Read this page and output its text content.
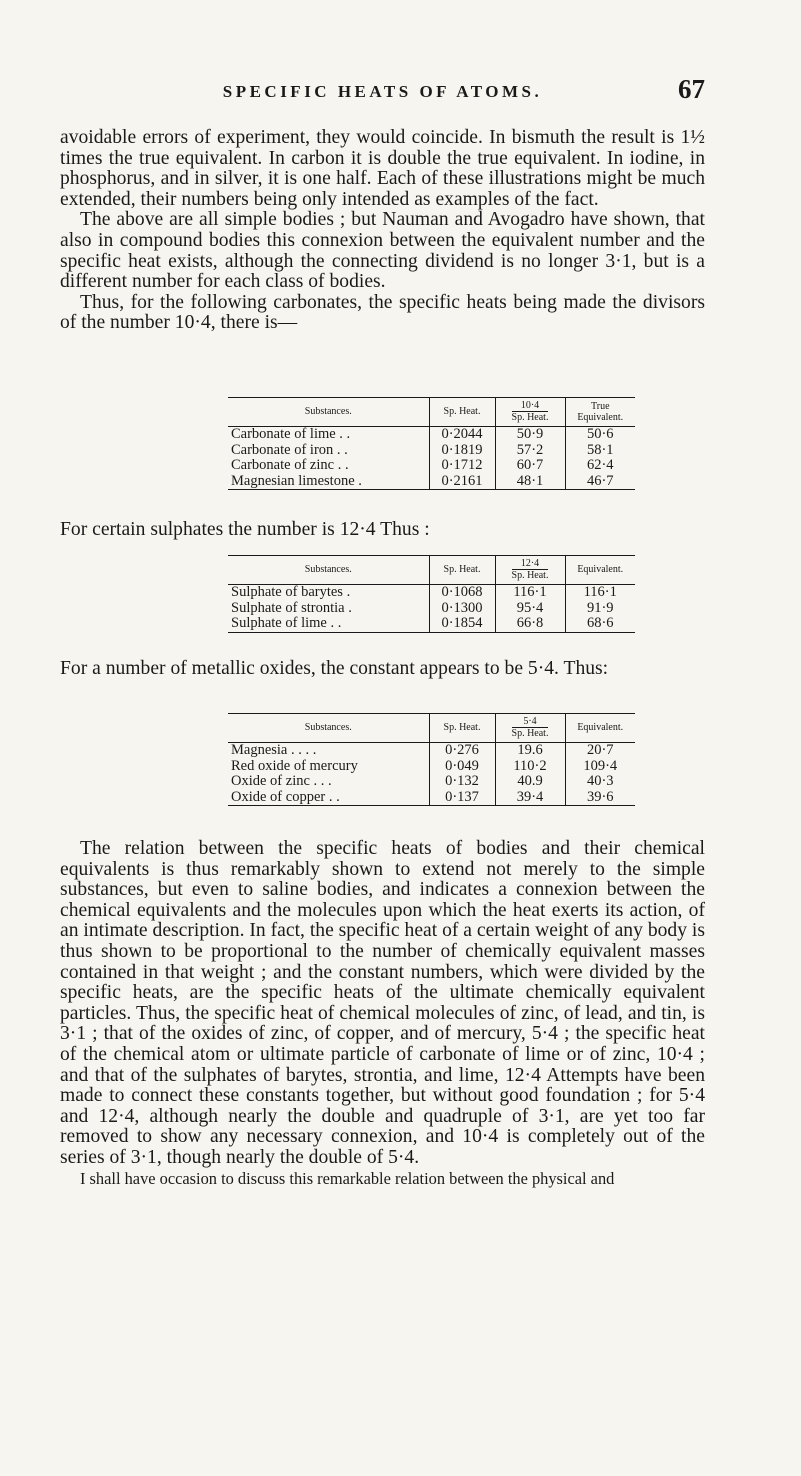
SPECIFIC HEATS OF ATOMS.	67

avoidable errors of experiment, they would coincide. In bismuth the result is 1½ times the true equivalent. In carbon it is double the true equivalent. In iodine, in phosphorus, and in silver, it is one half. Each of these illustrations might be much extended, their numbers being only intended as examples of the fact.

The above are all simple bodies ; but Nauman and Avogadro have shown, that also in compound bodies this connexion between the equivalent number and the specific heat exists, although the connecting dividend is no longer 3·1, but is a different number for each class of bodies.

Thus, for the following carbonates, the specific heats being made the divisors of the number 10·4, there is—

Substances.	Sp. Heat.	$\frac{10\cdot 4}{\text{Sp. Heat.}}$	True Equivalent.
Carbonate of lime . .	0·2044	50·9	50·6
Carbonate of iron . .	0·1819	57·2	58·1
Carbonate of zinc . .	0·1712	60·7	62·4
Magnesian limestone .	0·2161	48·1	46·7
For certain sulphates the number is 12·4 Thus :
Substances.	Sp. Heat.	$\frac{12\cdot 4}{\text{Sp. Heat.}}$	Equivalent.
Sulphate of barytes .	0·1068	116·1	116·1
Sulphate of strontia .	0·1300	95·4	91·9
Sulphate of lime . .	0·1854	66·8	68·6
For a number of metallic oxides, the constant appears to be 5·4. Thus:
Substances.	Sp. Heat.	$\frac{5\cdot 4}{\text{Sp. Heat.}}$	Equivalent.
Magnesia . . . .	0·276	19.6	20·7
Red oxide of mercury	0·049	110·2	109·4
Oxide of zinc . . .	0·132	40.9	40·3
Oxide of copper . .	0·137	39·4	39·6

The relation between the specific heats of bodies and their chemical equivalents is thus remarkably shown to extend not merely to the simple substances, but even to saline bodies, and indicates a connexion between the chemical equivalents and the molecules upon which the heat exerts its action, of an intimate description. In fact, the specific heat of a certain weight of any body is thus shown to be proportional to the number of chemically equivalent masses contained in that weight ; and the constant numbers, which were divided by the specific heats, are the specific heats of the ultimate chemically equivalent particles. Thus, the specific heat of chemical molecules of zinc, of lead, and tin, is 3·1 ; that of the oxides of zinc, of copper, and of mercury, 5·4 ; the specific heat of the chemical atom or ultimate particle of carbonate of lime or of zinc, 10·4 ; and that of the sulphates of barytes, strontia, and lime, 12·4 Attempts have been made to connect these constants together, but without good foundation ; for 5·4 and 12·4, although nearly the double and quadruple of 3·1, are yet too far removed to show any necessary connexion, and 10·4 is completely out of the series of 3·1, though nearly the double of 5·4.

I shall have occasion to discuss this remarkable relation between the physical and
